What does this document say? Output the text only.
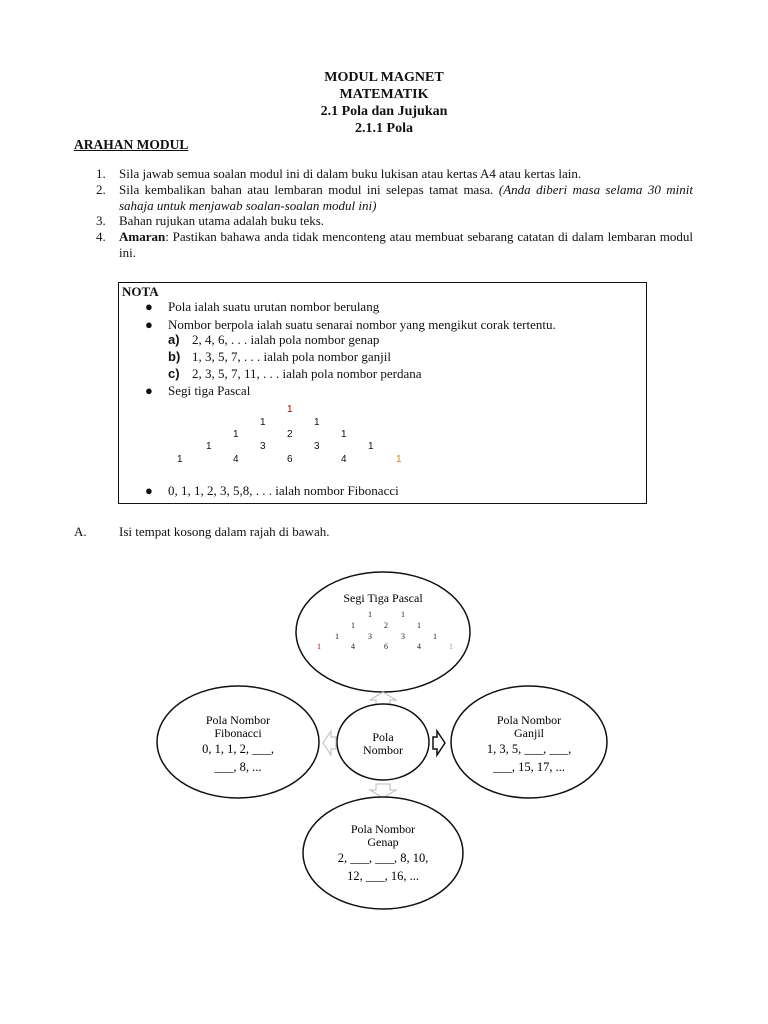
MODUL MAGNET
MATEMATIK
2.1 Pola dan Jujukan
2.1.1 Pola
ARAHAN MODUL
1. Sila jawab semua soalan modul ini di dalam buku lukisan atau kertas A4 atau kertas lain.
2. Sila kembalikan bahan atau lembaran modul ini selepas tamat masa. (Anda diberi masa selama 30 minit sahaja untuk menjawab soalan-soalan modul ini)
3. Bahan rujukan utama adalah buku teks.
4. Amaran: Pastikan bahawa anda tidak menconteng atau membuat sebarang catatan di dalam lembaran modul ini.
NOTA
● Pola ialah suatu urutan nombor berulang
● Nombor berpola ialah suatu senarai nombor yang mengikut corak tertentu.
a) 2, 4, 6, . . . ialah pola nombor genap
b) 1, 3, 5, 7, . . . ialah pola nombor ganjil
c) 2, 3, 5, 7, 11, . . . ialah pola nombor perdana
● Segi tiga Pascal
1
1	1
1	2	1
1	3	3	1
1	4	6	4	1
● 0, 1, 1, 2, 3, 5,8, . . . ialah nombor Fibonacci
A. Isi tempat kosong dalam rajah di bawah.
Segi Tiga Pascal
1	1
1	2	1
1	3	3	1
1	4	6	4	1
Pola
Nombor
Pola Nombor
Fibonacci
0, 1, 1, 2, ___,
___, 8, ...
Pola Nombor
Ganjil
1, 3, 5, ___, ___,
___, 15, 17, ...
Pola Nombor
Genap
2, ___, ___, 8, 10,
12, ___, 16, ...
